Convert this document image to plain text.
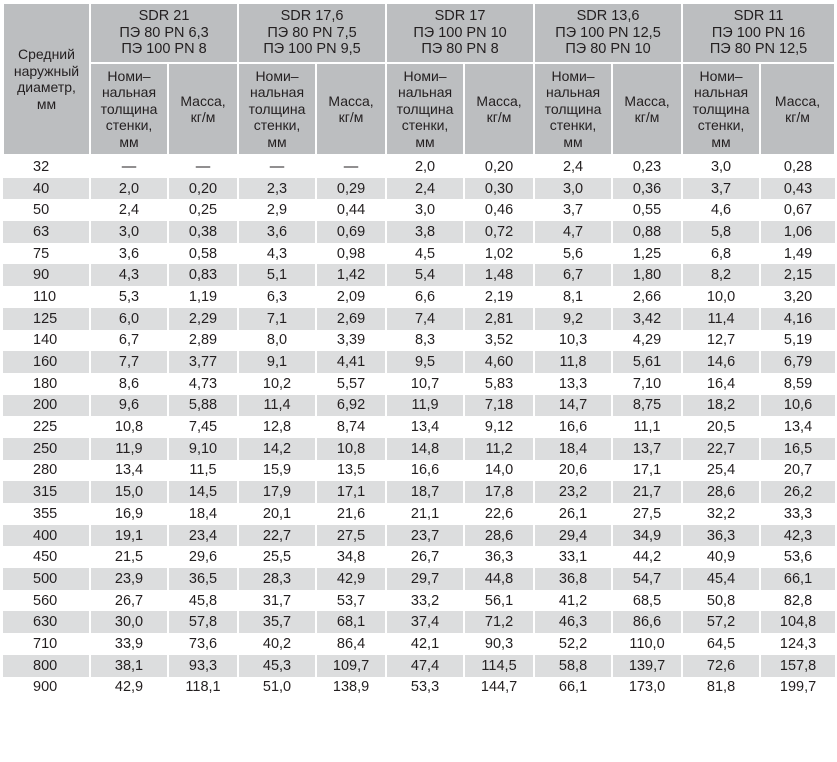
Средний
наружный
диаметр,
мм	SDR 21
ПЭ 80 PN 6,3
ПЭ 100 PN 8		SDR 17,6
ПЭ 80 PN 7,5
ПЭ 100 PN 9,5		SDR 17
ПЭ 100 PN 10
ПЭ 80 PN 8		SDR 13,6
ПЭ 100 PN 12,5
ПЭ 80 PN 10		SDR 11
ПЭ 100 PN 16
ПЭ 80 PN 12,5	

	Номи–
нальная
толщина
стенки,
мм	Масса,
кг/м	Номи–
нальная
толщина
стенки,
мм	Масса,
кг/м	Номи–
нальная
толщина
стенки,
мм	Масса,
кг/м	Номи–
нальная
толщина
стенки,
мм	Масса,
кг/м	Номи–
нальная
толщина
стенки,
мм	Масса,
кг/м

32	—	—	—	—	2,0	0,20	2,4	0,23	3,0	0,28
40	2,0	0,20	2,3	0,29	2,4	0,30	3,0	0,36	3,7	0,43
50	2,4	0,25	2,9	0,44	3,0	0,46	3,7	0,55	4,6	0,67
63	3,0	0,38	3,6	0,69	3,8	0,72	4,7	0,88	5,8	1,06
75	3,6	0,58	4,3	0,98	4,5	1,02	5,6	1,25	6,8	1,49
90	4,3	0,83	5,1	1,42	5,4	1,48	6,7	1,80	8,2	2,15
110	5,3	1,19	6,3	2,09	6,6	2,19	8,1	2,66	10,0	3,20
125	6,0	2,29	7,1	2,69	7,4	2,81	9,2	3,42	11,4	4,16
140	6,7	2,89	8,0	3,39	8,3	3,52	10,3	4,29	12,7	5,19
160	7,7	3,77	9,1	4,41	9,5	4,60	11,8	5,61	14,6	6,79
180	8,6	4,73	10,2	5,57	10,7	5,83	13,3	7,10	16,4	8,59
200	9,6	5,88	11,4	6,92	11,9	7,18	14,7	8,75	18,2	10,6
225	10,8	7,45	12,8	8,74	13,4	9,12	16,6	11,1	20,5	13,4
250	11,9	9,10	14,2	10,8	14,8	11,2	18,4	13,7	22,7	16,5
280	13,4	11,5	15,9	13,5	16,6	14,0	20,6	17,1	25,4	20,7
315	15,0	14,5	17,9	17,1	18,7	17,8	23,2	21,7	28,6	26,2
355	16,9	18,4	20,1	21,6	21,1	22,6	26,1	27,5	32,2	33,3
400	19,1	23,4	22,7	27,5	23,7	28,6	29,4	34,9	36,3	42,3
450	21,5	29,6	25,5	34,8	26,7	36,3	33,1	44,2	40,9	53,6
500	23,9	36,5	28,3	42,9	29,7	44,8	36,8	54,7	45,4	66,1
560	26,7	45,8	31,7	53,7	33,2	56,1	41,2	68,5	50,8	82,8
630	30,0	57,8	35,7	68,1	37,4	71,2	46,3	86,6	57,2	104,8
710	33,9	73,6	40,2	86,4	42,1	90,3	52,2	110,0	64,5	124,3
800	38,1	93,3	45,3	109,7	47,4	114,5	58,8	139,7	72,6	157,8
900	42,9	118,1	51,0	138,9	53,3	144,7	66,1	173,0	81,8	199,7
